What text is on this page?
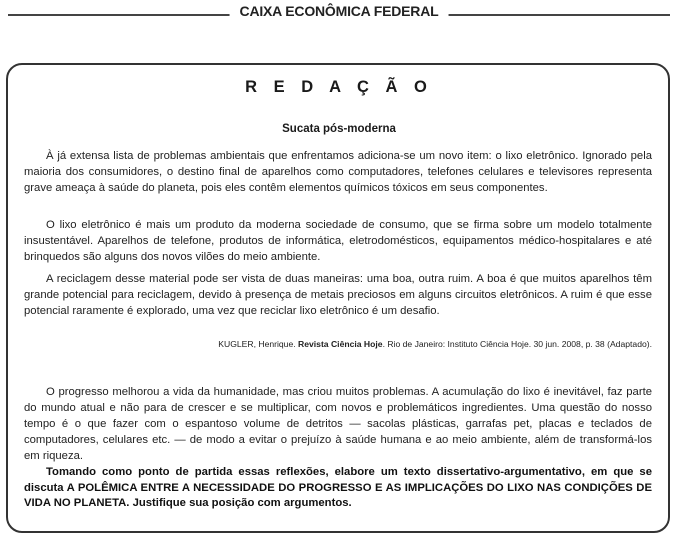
CAIXA ECONÔMICA FEDERAL
R E D A Ç Ã O
Sucata pós-moderna
À já extensa lista de problemas ambientais que enfrentamos adiciona-se um novo item: o lixo eletrônico. Ignorado pela maioria dos consumidores, o destino final de aparelhos como computadores, telefones celulares e televisores representa grave ameaça à saúde do planeta, pois eles contêm elementos químicos tóxicos em seus componentes.
O lixo eletrônico é mais um produto da moderna sociedade de consumo, que se firma sobre um modelo totalmente insustentável. Aparelhos de telefone, produtos de informática, eletrodomésticos, equipamentos médico-hospitalares e até brinquedos são alguns dos novos vilões do meio ambiente.
A reciclagem desse material pode ser vista de duas maneiras: uma boa, outra ruim. A boa é que muitos aparelhos têm grande potencial para reciclagem, devido à presença de metais preciosos em alguns circuitos eletrônicos. A ruim é que esse potencial raramente é explorado, uma vez que reciclar lixo eletrônico é um desafio.
KUGLER, Henrique. Revista Ciência Hoje. Rio de Janeiro: Instituto Ciência Hoje. 30 jun. 2008, p. 38 (Adaptado).
O progresso melhorou a vida da humanidade, mas criou muitos problemas. A acumulação do lixo é inevitável, faz parte do mundo atual e não para de crescer e se multiplicar, com novos e problemáticos ingredientes. Uma questão do nosso tempo é o que fazer com o espantoso volume de detritos — sacolas plásticas, garrafas pet, placas e teclados de computadores, celulares etc. — de modo a evitar o prejuízo à saúde humana e ao meio ambiente, além de transformá-los em riqueza.
Tomando como ponto de partida essas reflexões, elabore um texto dissertativo-argumentativo, em que se discuta A POLÊMICA ENTRE A NECESSIDADE DO PROGRESSO E AS IMPLICAÇÕES DO LIXO NAS CONDIÇÕES DE VIDA NO PLANETA. Justifique sua posição com argumentos.
